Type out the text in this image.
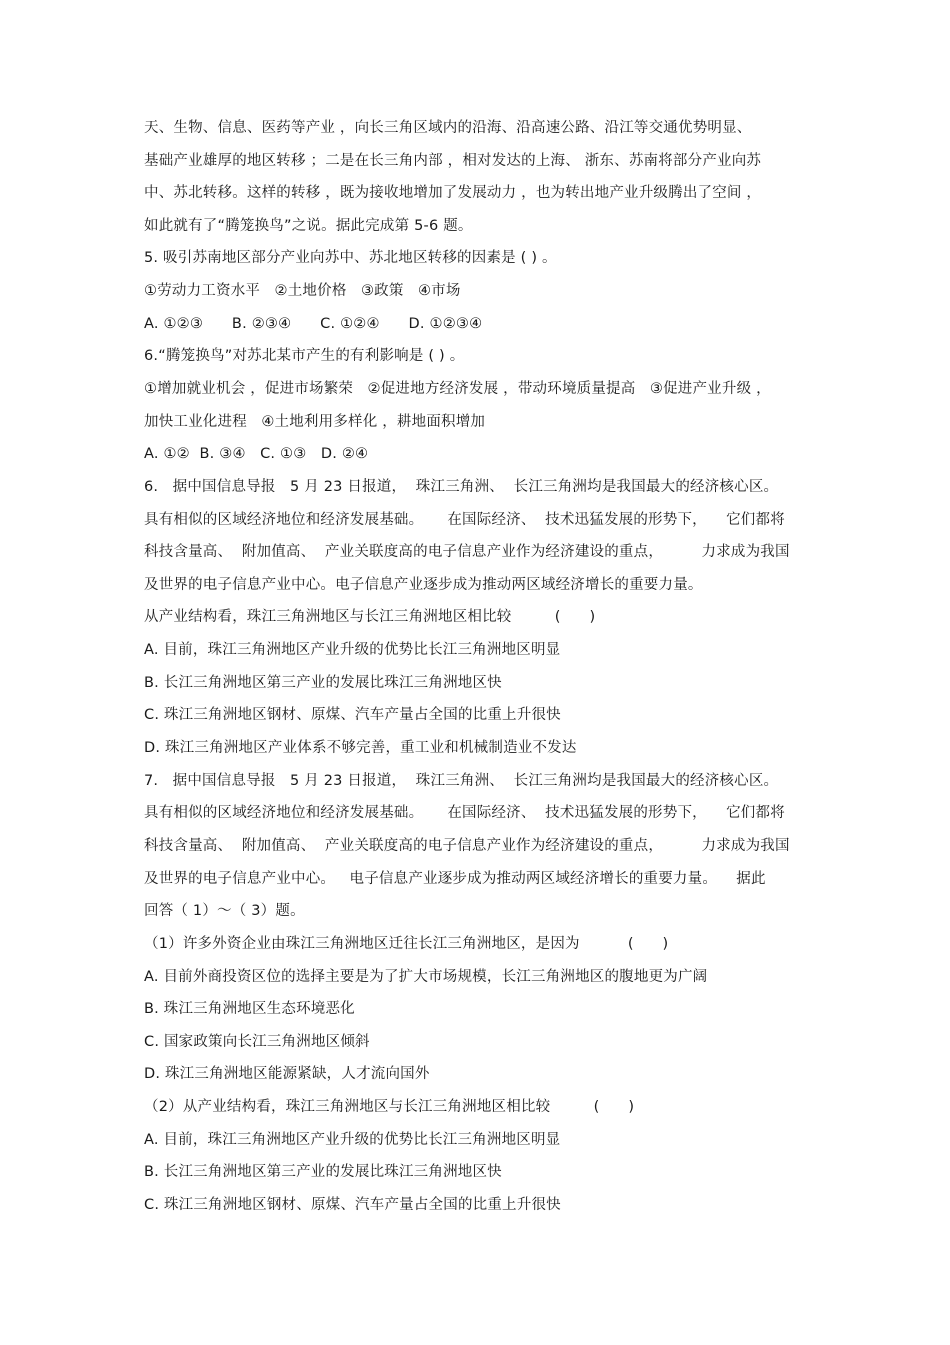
天、生物、信息、医药等产业 ，向长三角区域内的沿海、沿高速公路、沿江等交通优势明显、
基础产业雄厚的地区转移 ；二是在长三角内部 ，相对发达的上海、 浙东、苏南将部分产业向苏
中、苏北转移。这样的转移 ，既为接收地增加了发展动力 ，也为转出地产业升级腾出了空间 ，
如此就有了“腾笼换鸟”之说。据此完成第 5-6 题。
5. 吸引苏南地区部分产业向苏中、苏北地区转移的因素是 ( ) 。
①劳动力工资水平   ②土地价格   ③政策   ④市场
A. ①②③      B. ②③④      C. ①②④      D. ①②③④
6.“腾笼换鸟”对苏北某市产生的有利影响是 ( ) 。
①增加就业机会 ，促进市场繁荣   ②促进地方经济发展 ，带动环境质量提高   ③促进产业升级 ，
加快工业化进程   ④土地利用多样化 ，耕地面积增加
A. ①②  B. ③④   C. ①③   D. ②④
6.   据中国信息导报   5 月 23 日报道，  珠江三角洲、  长江三角洲均是我国最大的经济核心区。
具有相似的区域经济地位和经济发展基础。     在国际经济、  技术迅猛发展的形势下，    它们都将
科技含量高、  附加值高、  产业关联度高的电子信息产业作为经济建设的重点，        力求成为我国
及世界的电子信息产业中心。电子信息产业逐步成为推动两区域经济增长的重要力量。
从产业结构看，珠江三角洲地区与长江三角洲地区相比较         (      )
A. 目前，珠江三角洲地区产业升级的优势比长江三角洲地区明显
B. 长江三角洲地区第三产业的发展比珠江三角洲地区快
C. 珠江三角洲地区钢材、原煤、汽车产量占全国的比重上升很快
D. 珠江三角洲地区产业体系不够完善，重工业和机械制造业不发达
7.   据中国信息导报   5 月 23 日报道，  珠江三角洲、  长江三角洲均是我国最大的经济核心区。
具有相似的区域经济地位和经济发展基础。     在国际经济、  技术迅猛发展的形势下，    它们都将
科技含量高、  附加值高、  产业关联度高的电子信息产业作为经济建设的重点，        力求成为我国
及世界的电子信息产业中心。   电子信息产业逐步成为推动两区域经济增长的重要力量。    据此
回答（ 1）～（ 3）题。
（1）许多外资企业由珠江三角洲地区迁往长江三角洲地区，是因为          (      )
A. 目前外商投资区位的选择主要是为了扩大市场规模，长江三角洲地区的腹地更为广阔
B. 珠江三角洲地区生态环境恶化
C. 国家政策向长江三角洲地区倾斜
D. 珠江三角洲地区能源紧缺，人才流向国外
（2）从产业结构看，珠江三角洲地区与长江三角洲地区相比较         (      )
A. 目前，珠江三角洲地区产业升级的优势比长江三角洲地区明显
B. 长江三角洲地区第三产业的发展比珠江三角洲地区快
C. 珠江三角洲地区钢材、原煤、汽车产量占全国的比重上升很快
